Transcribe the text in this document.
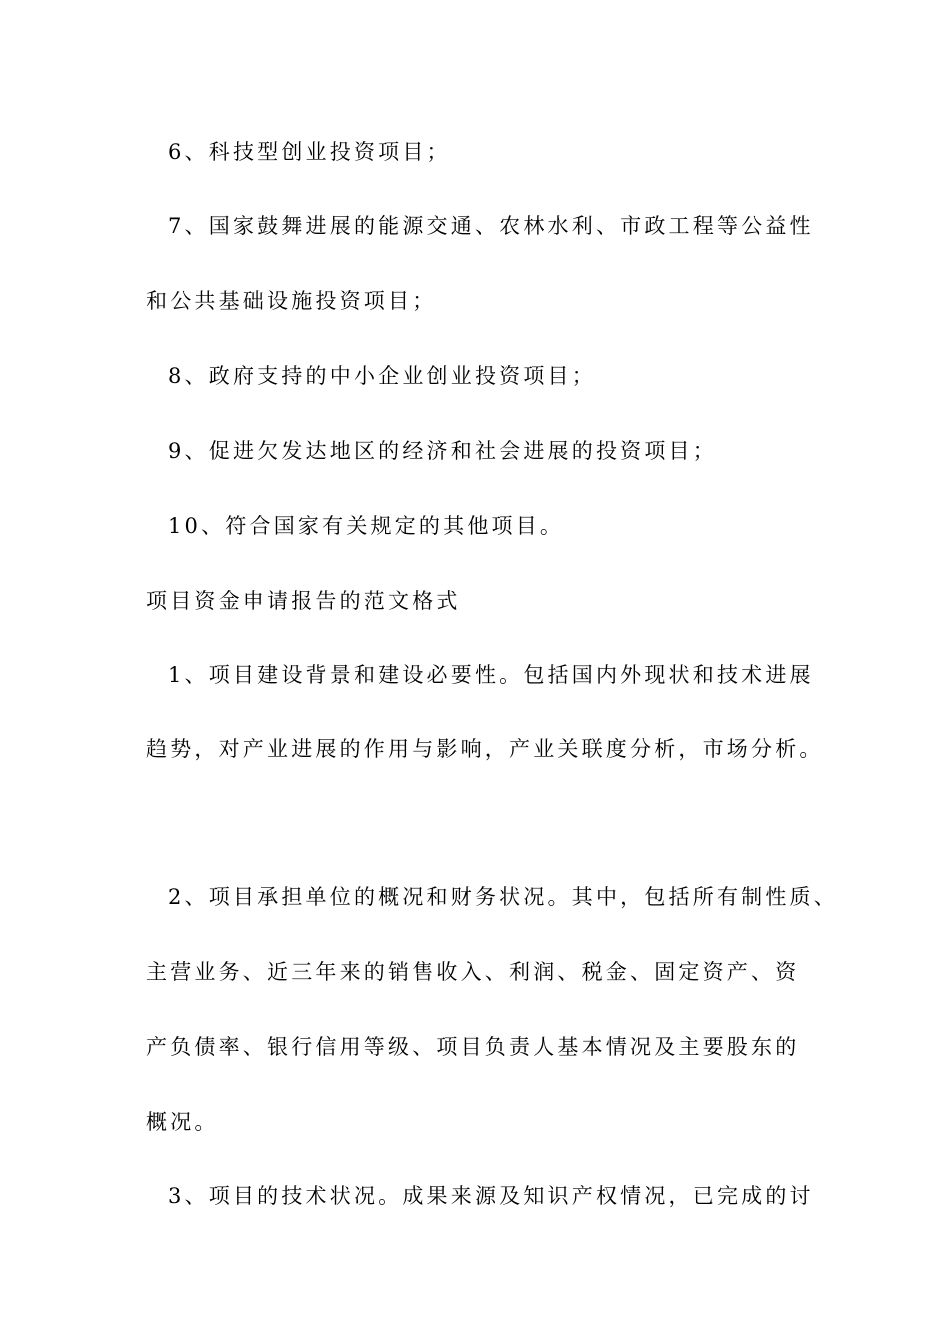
6、科技型创业投资项目；
7、国家鼓舞进展的能源交通、农林水利、市政工程等公益性
和公共基础设施投资项目；
8、政府支持的中小企业创业投资项目；
9、促进欠发达地区的经济和社会进展的投资项目；
10、符合国家有关规定的其他项目。
项目资金申请报告的范文格式
1、项目建设背景和建设必要性。包括国内外现状和技术进展
趋势，对产业进展的作用与影响，产业关联度分析，市场分析。
2、项目承担单位的概况和财务状况。其中，包括所有制性质、
主营业务、近三年来的销售收入、利润、税金、固定资产、资
产负债率、银行信用等级、项目负责人基本情况及主要股东的
概况。
3、项目的技术状况。成果来源及知识产权情况，已完成的讨
